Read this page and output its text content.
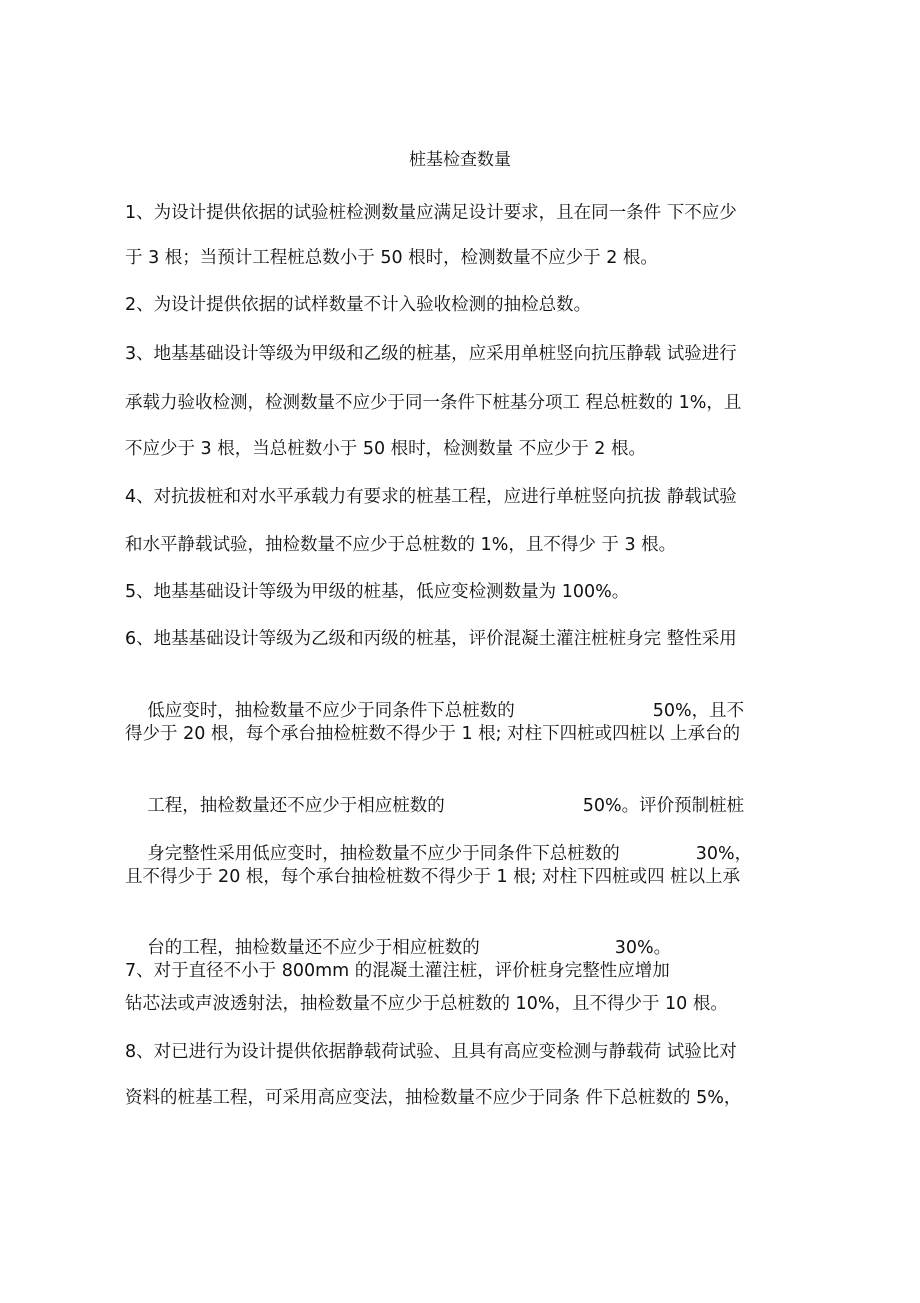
桩基检查数量
1、为设计提供依据的试验桩检测数量应满足设计要求，且在同一条件 下不应少
于 3 根；当预计工程桩总数小于 50 根时，检测数量不应少于 2 根。
2、为设计提供依据的试样数量不计入验收检测的抽检总数。
3、地基基础设计等级为甲级和乙级的桩基，应采用单桩竖向抗压静载 试验进行
承载力验收检测，检测数量不应少于同一条件下桩基分项工 程总桩数的 1%，且
不应少于 3 根，当总桩数小于 50 根时，检测数量 不应少于 2 根。
4、对抗拔桩和对水平承载力有要求的桩基工程，应进行单桩竖向抗拔 静载试验
和水平静载试验，抽检数量不应少于总桩数的 1%，且不得少 于 3 根。
5、地基基础设计等级为甲级的桩基，低应变检测数量为 100%。
6、地基基础设计等级为乙级和丙级的桩基，评价混凝土灌注桩桩身完 整性采用

低应变时，抽检数量不应少于同条件下总桩数的	50%，且不

得少于 20 根，每个承台抽检桩数不得少于 1 根; 对柱下四桩或四桩以 上承台的

工程，抽检数量还不应少于相应桩数的	50%。评价预制桩桩

身完整性采用低应变时，抽检数量不应少于同条件下总桩数的	30%，

且不得少于 20 根，每个承台抽检桩数不得少于 1 根; 对柱下四桩或四 桩以上承

台的工程，抽检数量还不应少于相应桩数的	30%。

7、对于直径不小于 800mm 的混凝土灌注桩，评价桩身完整性应增加
钻芯法或声波透射法，抽检数量不应少于总桩数的 10%，且不得少于 10 根。
8、对已进行为设计提供依据静载荷试验、且具有高应变检测与静载荷 试验比对
资料的桩基工程，可采用高应变法，抽检数量不应少于同条 件下总桩数的 5%，
